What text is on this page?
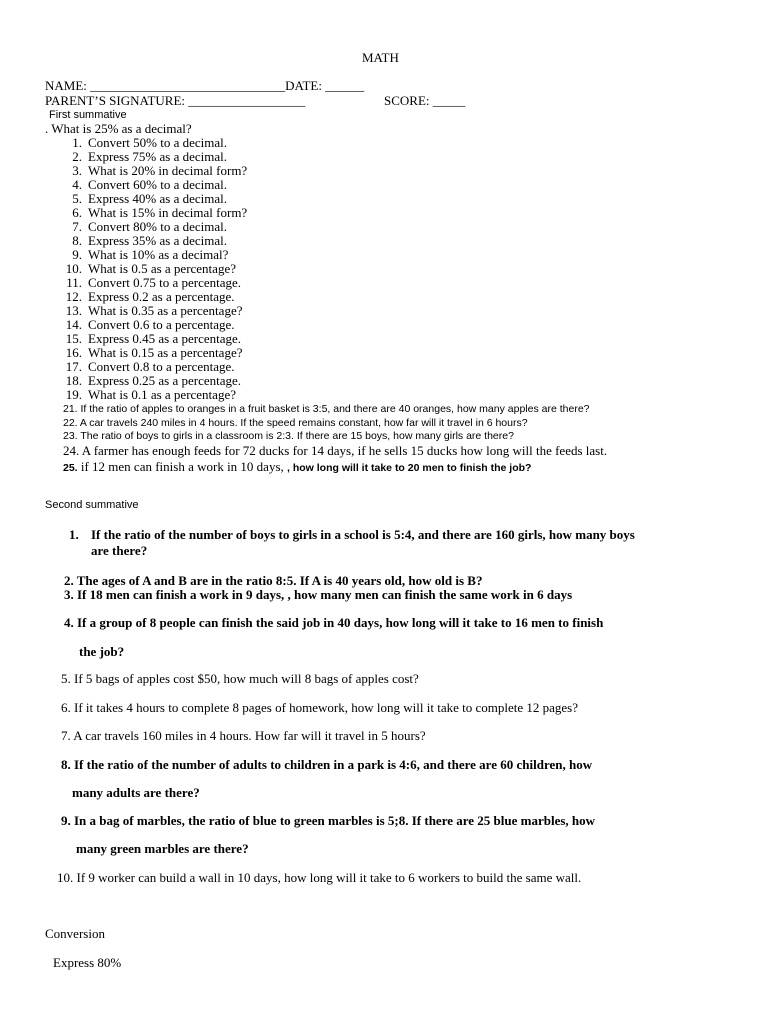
MATH
NAME: ______________________________DATE: ______
PARENT’S SIGNATURE: __________________	SCORE: _____
First summative
. What is 25% as a decimal?
1. Convert 50% to a decimal.
2. Express 75% as a decimal.
3. What is 20% in decimal form?
4. Convert 60% to a decimal.
5. Express 40% as a decimal.
6. What is 15% in decimal form?
7. Convert 80% to a decimal.
8. Express 35% as a decimal.
9. What is 10% as a decimal?
10. What is 0.5 as a percentage?
11. Convert 0.75 to a percentage.
12. Express 0.2 as a percentage.
13. What is 0.35 as a percentage?
14. Convert 0.6 to a percentage.
15. Express 0.45 as a percentage.
16. What is 0.15 as a percentage?
17. Convert 0.8 to a percentage.
18. Express 0.25 as a percentage.
19. What is 0.1 as a percentage?
21. If the ratio of apples to oranges in a fruit basket is 3:5, and there are 40 oranges, how many apples are there?
22. A car travels 240 miles in 4 hours. If the speed remains constant, how far will it travel in 6 hours?
23. The ratio of boys to girls in a classroom is 2:3. If there are 15 boys, how many girls are there?
24. A farmer has enough feeds for 72 ducks for 14 days, if he sells 15 ducks how long will the feeds last.
25. if 12 men can finish a work in 10 days, , how long will it take to 20 men to finish the job?
Second summative
1. If the ratio of the number of boys to girls in a school is 5:4, and there are 160 girls, how many boys
are there?
2. The ages of A and B are in the ratio 8:5. If A is 40 years old, how old is B?
3. If 18 men can finish a work in 9 days, , how many men can finish the same work in 6 days
4. If a group of 8 people can finish the said job in 40 days, how long will it take to 16 men to finish
the job?
5. If 5 bags of apples cost $50, how much will 8 bags of apples cost?
6. If it takes 4 hours to complete 8 pages of homework, how long will it take to complete 12 pages?
7. A car travels 160 miles in 4 hours. How far will it travel in 5 hours?
8. If the ratio of the number of adults to children in a park is 4:6, and there are 60 children, how
many adults are there?
9. In a bag of marbles, the ratio of blue to green marbles is 5;8. If there are 25 blue marbles, how
many green marbles are there?
10. If 9 worker can build a wall in 10 days, how long will it take to 6 workers to build the same wall.
Conversion
Express 80%
